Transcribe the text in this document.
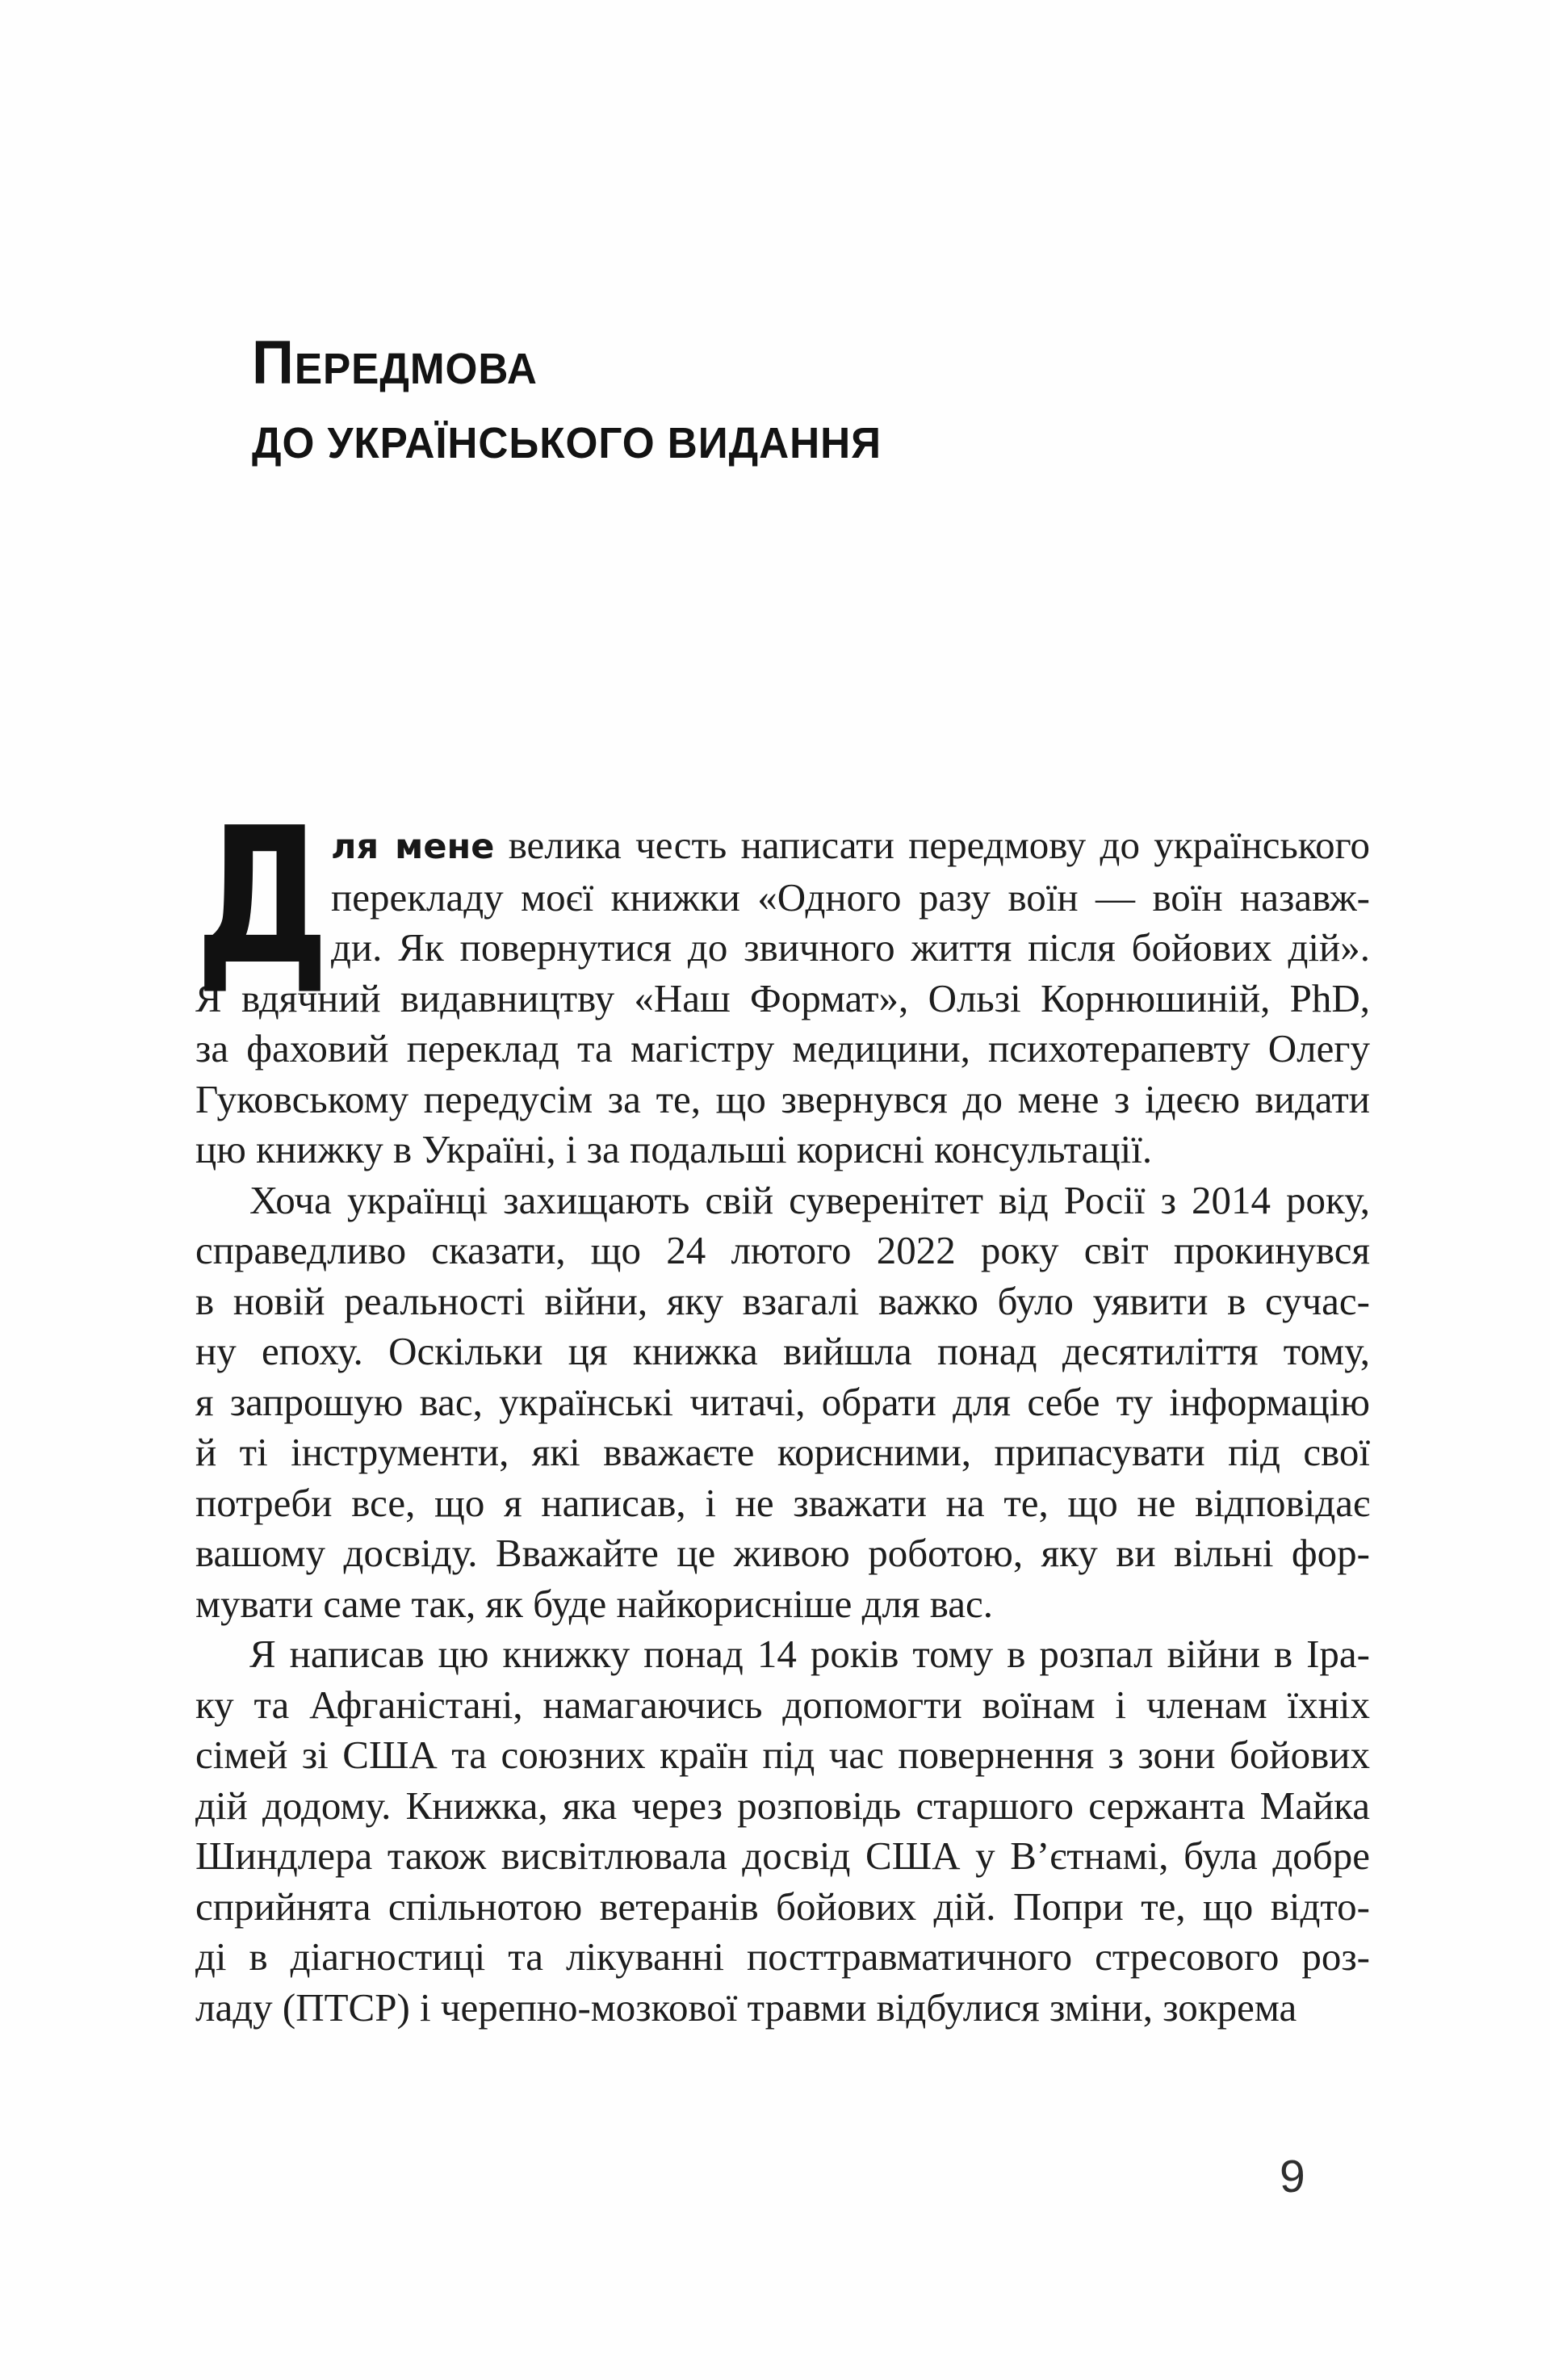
ПЕРЕДМОВА
ДО УКРАЇНСЬКОГО ВИДАННЯ
Д ля мене велика честь написати передмову до українського
перекладу моєї книжки «Одного разу воїн — воїн назавж-
ди. Як повернутися до звичного життя після бойових дій».
Я вдячний видавництву «Наш Формат», Ользі Корнюшиній, PhD,
за фаховий переклад та магістру медицини, психотерапевту Олегу
Гуковському передусім за те, що звернувся до мене з ідеєю видати
цю книжку в Україні, і за подальші корисні консультації.
Хоча українці захищають свій суверенітет від Росії з 2014 року,
справедливо сказати, що 24 лютого 2022 року світ прокинувся
в новій реальності війни, яку взагалі важко було уявити в сучас-
ну епоху. Оскільки ця книжка вийшла понад десятиліття тому,
я запрошую вас, українські читачі, обрати для себе ту інформацію
й ті інструменти, які вважаєте корисними, припасувати під свої
потреби все, що я написав, і не зважати на те, що не відповідає
вашому досвіду. Вважайте це живою роботою, яку ви вільні фор-
мувати саме так, як буде найкорисніше для вас.
Я написав цю книжку понад 14 років тому в розпал війни в Іра-
ку та Афганістані, намагаючись допомогти воїнам і членам їхніх
сімей зі США та союзних країн під час повернення з зони бойових
дій додому. Книжка, яка через розповідь старшого сержанта Майка
Шиндлера також висвітлювала досвід США у В’єтнамі, була добре
сприйнята спільнотою ветеранів бойових дій. Попри те, що відто-
ді в діагностиці та лікуванні посттравматичного стресового роз-
ладу (ПТСР) і черепно-мозкової травми відбулися зміни, зокрема
9
